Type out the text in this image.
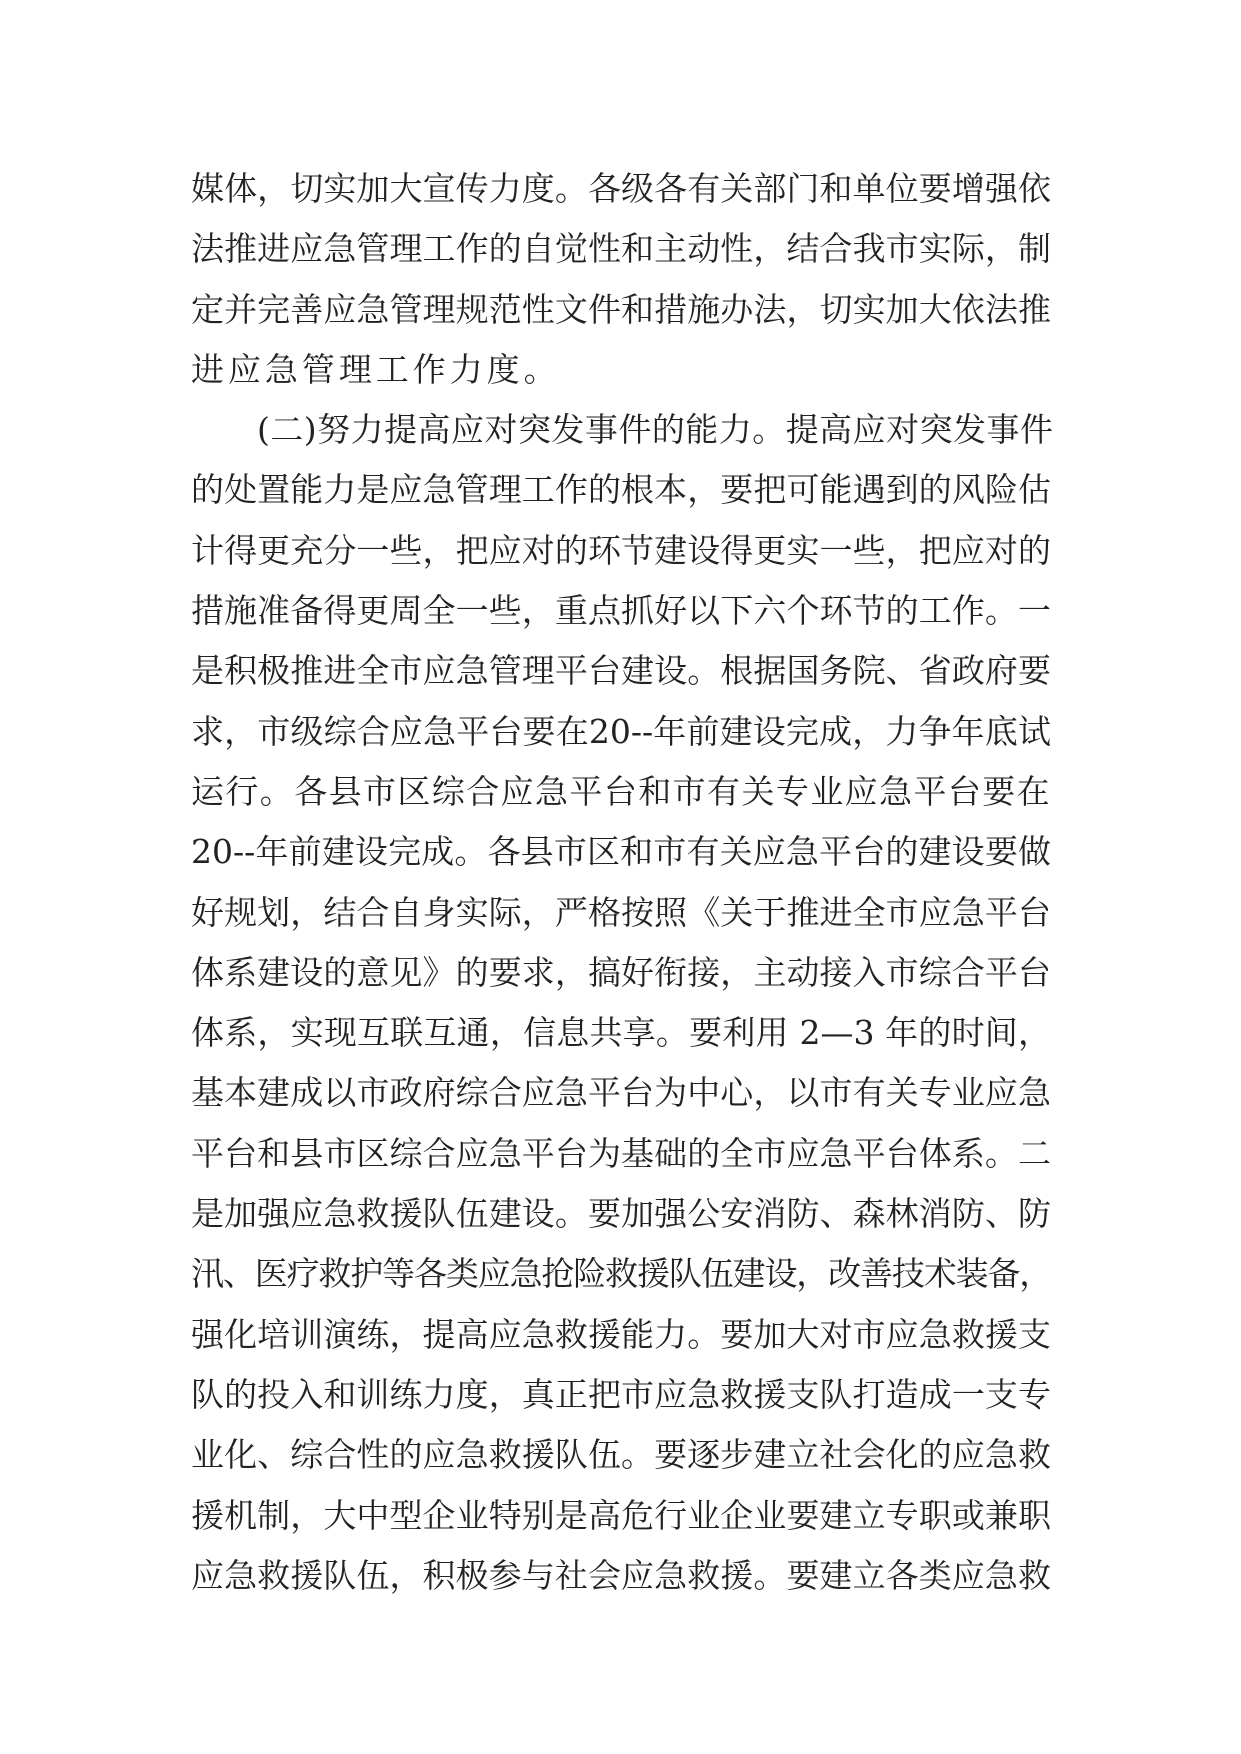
媒体，切实加大宣传力度。各级各有关部门和单位要增强依
法推进应急管理工作的自觉性和主动性，结合我市实际，制
定并完善应急管理规范性文件和措施办法，切实加大依法推
进应急管理工作力度。
(二)努力提高应对突发事件的能力。提高应对突发事件
的处置能力是应急管理工作的根本，要把可能遇到的风险估
计得更充分一些，把应对的环节建设得更实一些，把应对的
措施准备得更周全一些，重点抓好以下六个环节的工作。一
是积极推进全市应急管理平台建设。根据国务院、省政府要
求，市级综合应急平台要在20--年前建设完成，力争年底试
运行。各县市区综合应急平台和市有关专业应急平台要在
20--年前建设完成。各县市区和市有关应急平台的建设要做
好规划，结合自身实际，严格按照《关于推进全市应急平台
体系建设的意见》的要求，搞好衔接，主动接入市综合平台
体系，实现互联互通，信息共享。要利用 2—3 年的时间，
基本建成以市政府综合应急平台为中心，以市有关专业应急
平台和县市区综合应急平台为基础的全市应急平台体系。二
是加强应急救援队伍建设。要加强公安消防、森林消防、防
汛、医疗救护等各类应急抢险救援队伍建设，改善技术装备，
强化培训演练，提高应急救援能力。要加大对市应急救援支
队的投入和训练力度，真正把市应急救援支队打造成一支专
业化、综合性的应急救援队伍。要逐步建立社会化的应急救
援机制，大中型企业特别是高危行业企业要建立专职或兼职
应急救援队伍，积极参与社会应急救援。要建立各类应急救
